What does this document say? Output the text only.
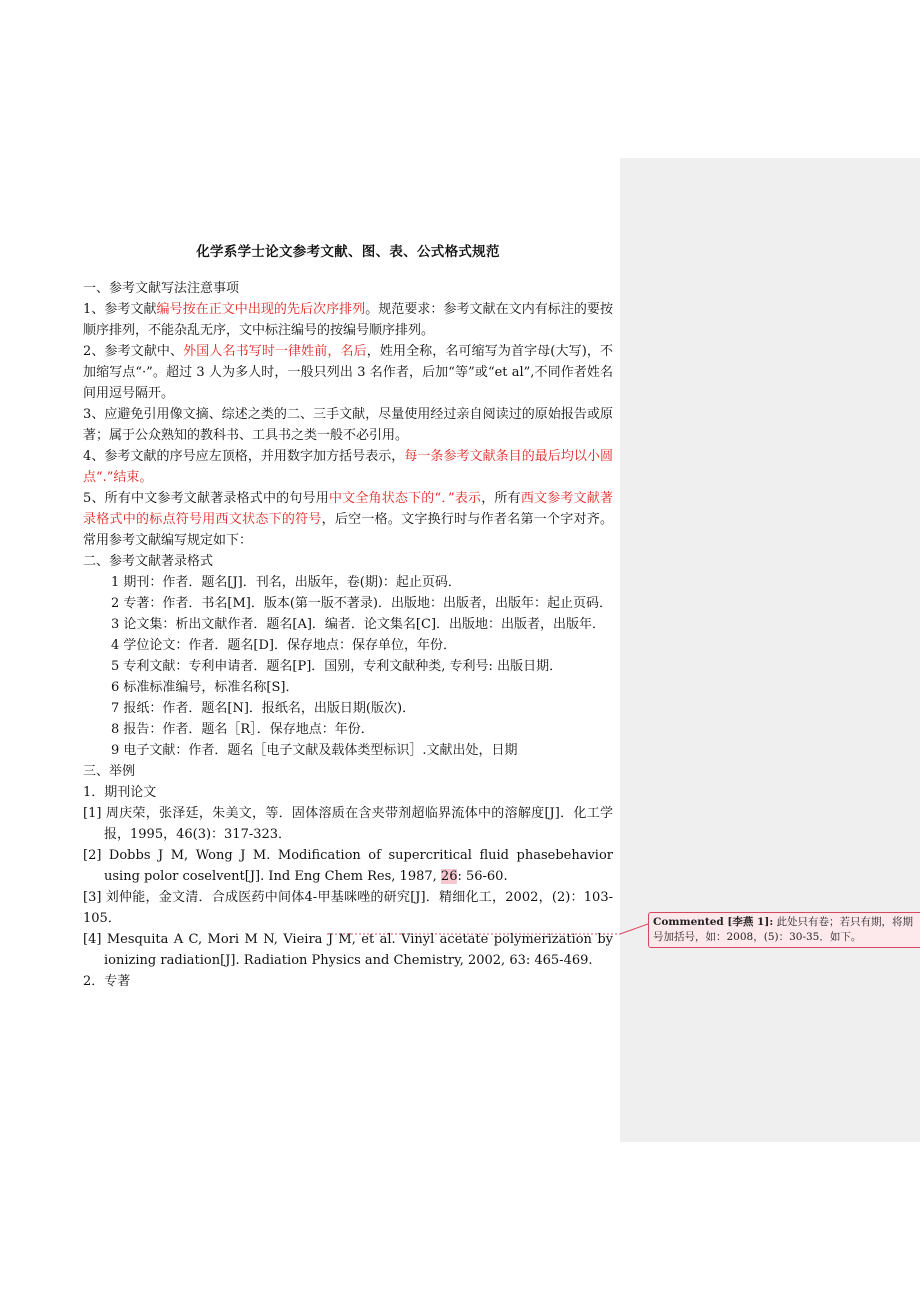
化学系学士论文参考文献、图、表、公式格式规范

一、参考文献写法注意事项

1、参考文献编号按在正文中出现的先后次序排列。规范要求：参考文献在文内有标注的要按顺序排列，不能杂乱无序，文中标注编号的按编号顺序排列。

2、参考文献中、外国人名书写时一律姓前，名后，姓用全称，名可缩写为首字母(大写)，不加缩写点“·”。超过 3 人为多人时，一般只列出 3 名作者，后加“等”或“et al”,不同作者姓名间用逗号隔开。

3、应避免引用像文摘、综述之类的二、三手文献，尽量使用经过亲自阅读过的原始报告或原著；属于公众熟知的教科书、工具书之类一般不必引用。

4、参考文献的序号应左顶格，并用数字加方括号表示，每一条参考文献条目的最后均以小圆点“.”结束。

5、所有中文参考文献著录格式中的句号用中文全角状态下的“．”表示，所有西文参考文献著录格式中的标点符号用西文状态下的符号，后空一格。文字换行时与作者名第一个字对齐。常用参考文献编写规定如下：

二、参考文献著录格式

1 期刊：作者．题名[J]．刊名，出版年，卷(期)：起止页码．

2 专著：作者．书名[M]．版本(第一版不著录)．出版地：出版者，出版年：起止页码．

3 论文集：析出文献作者．题名[A]．编者．论文集名[C]．出版地：出版者，出版年．

4 学位论文：作者．题名[D]．保存地点：保存单位，年份．

5 专利文献：专利申请者．题名[P]．国别，专利文献种类, 专利号: 出版日期．

6 标准标准编号，标准名称[S]．

7 报纸：作者．题名[N]．报纸名，出版日期(版次)．

8 报告：作者．题名［R］．保存地点：年份．

9 电子文献：作者．题名［电子文献及载体类型标识］.文献出处，日期

三、举例

1．期刊论文

[1] 周庆荣，张泽廷，朱美文，等．固体溶质在含夹带剂超临界流体中的溶解度[J]．化工学报，1995，46(3)：317-323．

[2] Dobbs J M, Wong J M. Modification of supercritical fluid phasebehavior using polor coselvent[J]. Ind Eng Chem Res, 1987, 26: 56-60.

[3] 刘仲能，金文清．合成医药中间体4-甲基咪唑的研究[J]．精细化工，2002，(2)：103-105．

[4] Mesquita A C, Mori M N, Vieira J M, et al. Vinyl acetate polymerization by ionizing radiation[J]. Radiation Physics and Chemistry, 2002, 63: 465-469.

2．专著

Commented [李燕 1]: 此处只有卷；若只有期，将期号加括号，如：2008，(5)：30-35．如下。
